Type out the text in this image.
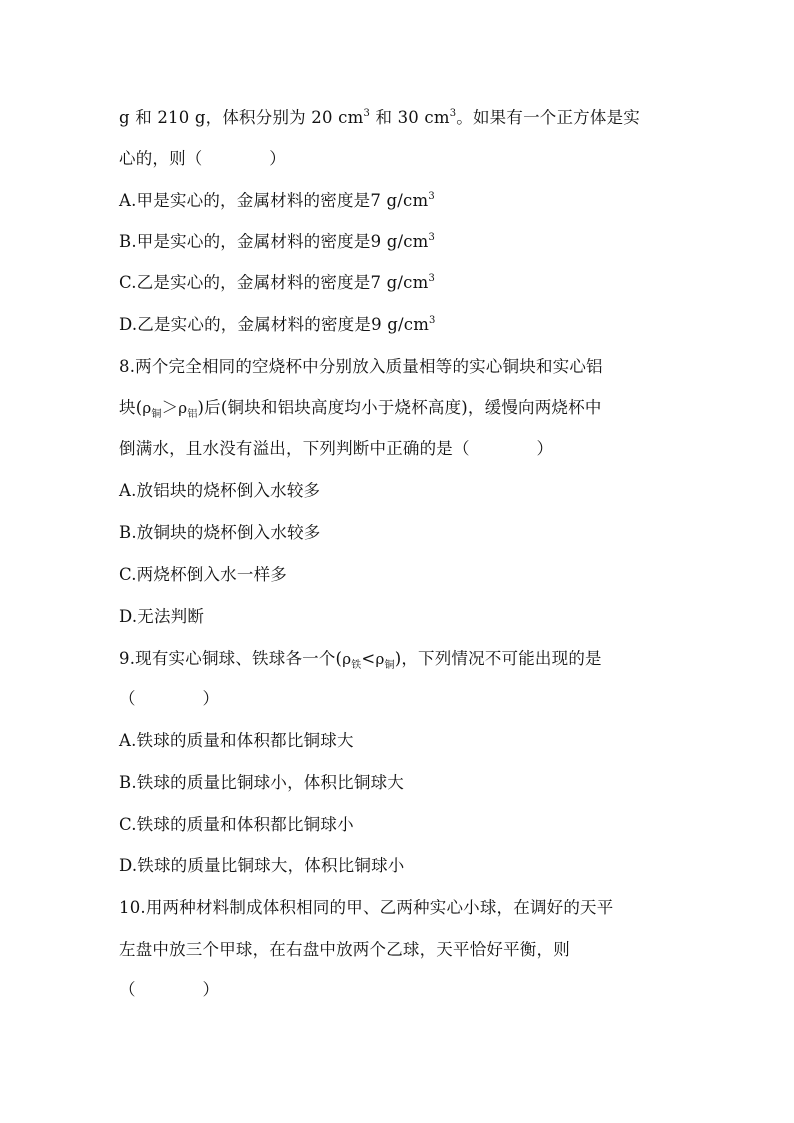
g 和 210 g，体积分别为 20 $cm^3$ 和 30 $cm^3$。如果有一个正方体是实
心的，则（　　　　）
A.甲是实心的，金属材料的密度是7 $g/cm^3$
B.甲是实心的，金属材料的密度是9 $g/cm^3$
C.乙是实心的，金属材料的密度是7 $g/cm^3$
D.乙是实心的，金属材料的密度是9 $g/cm^3$
8.两个完全相同的空烧杯中分别放入质量相等的实心铜块和实心铝
块$(\rho_铜>\rho_铝)$后(铜块和铝块高度均小于烧杯高度)，缓慢向两烧杯中
倒满水，且水没有溢出，下列判断中正确的是（　　　　）
A.放铝块的烧杯倒入水较多
B.放铜块的烧杯倒入水较多
C.两烧杯倒入水一样多
D.无法判断
9.现有实心铜球、铁球各一个$(\rho_铁<\rho_铜)$，下列情况不可能出现的是
（　　　　）
A.铁球的质量和体积都比铜球大
B.铁球的质量比铜球小，体积比铜球大
C.铁球的质量和体积都比铜球小
D.铁球的质量比铜球大，体积比铜球小
10.用两种材料制成体积相同的甲、乙两种实心小球，在调好的天平
左盘中放三个甲球，在右盘中放两个乙球，天平恰好平衡，则
（　　　　）
